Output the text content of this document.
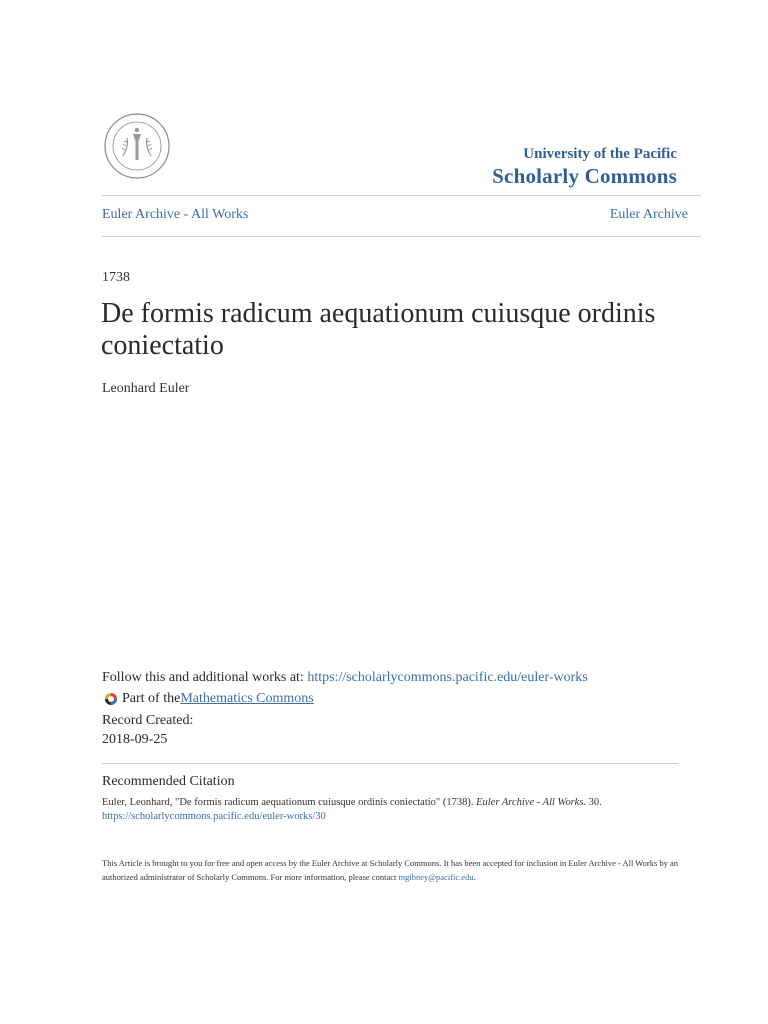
University of the Pacific
Scholarly Commons
Euler Archive - All Works	Euler Archive
1738
De formis radicum aequationum cuiusque ordinis coniectatio
Leonhard Euler
Follow this and additional works at: https://scholarlycommons.pacific.edu/euler-works
Part of the Mathematics Commons
Record Created:
2018-09-25
Recommended Citation
Euler, Leonhard, "De formis radicum aequationum cuiusque ordinis coniectatio" (1738). Euler Archive - All Works. 30.
https://scholarlycommons.pacific.edu/euler-works/30
This Article is brought to you for free and open access by the Euler Archive at Scholarly Commons. It has been accepted for inclusion in Euler Archive - All Works by an authorized administrator of Scholarly Commons. For more information, please contact mgibney@pacific.edu.
